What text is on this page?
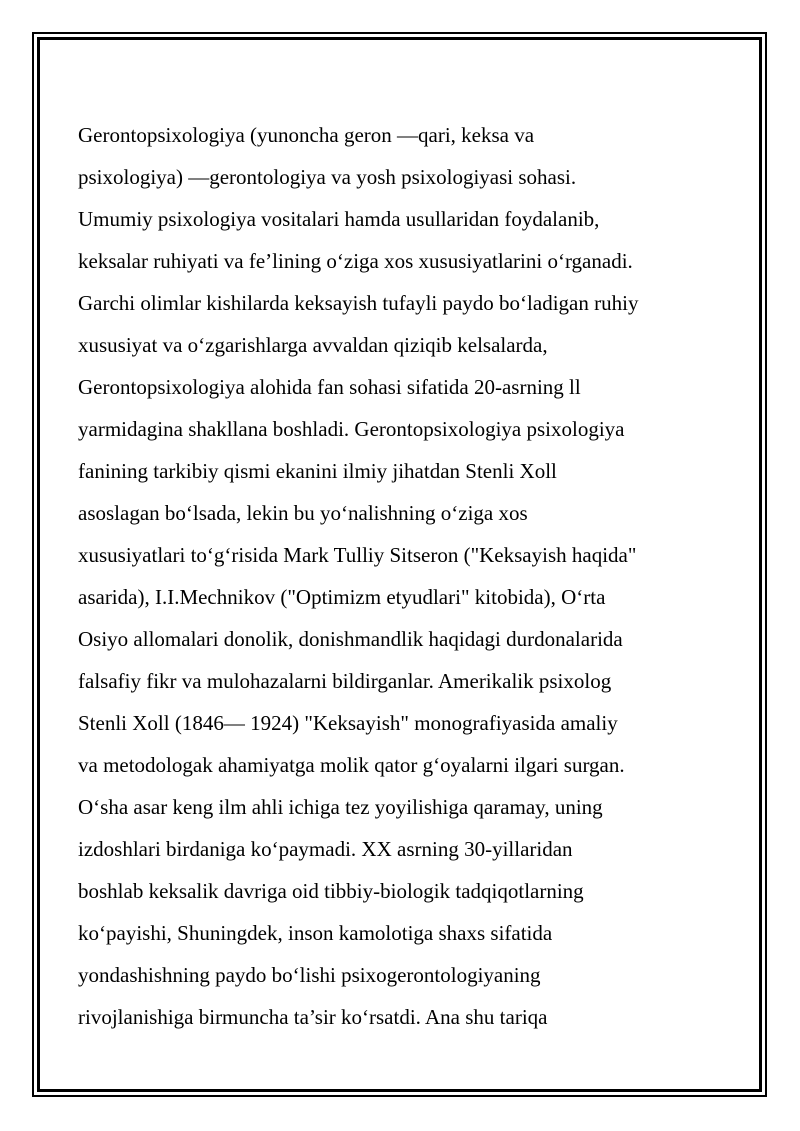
Gerontopsixologiya (yunoncha geron —qari, keksa va
psixologiya) —gerontologiya va yosh psixologiyasi sohasi.
Umumiy psixologiya vositalari hamda usullaridan foydalanib,
keksalar ruhiyati va fe’lining o‘ziga xos xususiyatlarini o‘rganadi.
Garchi olimlar kishilarda keksayish tufayli paydo bo‘ladigan ruhiy
xususiyat va o‘zgarishlarga avvaldan qiziqib kelsalarda,
Gerontopsixologiya alohida fan sohasi sifatida 20-asrning ll
yarmidagina shakllana boshladi. Gerontopsixologiya psixologiya
fanining tarkibiy qismi ekanini ilmiy jihatdan Stenli Xoll
asoslagan bo‘lsada, lekin bu yo‘nalishning o‘ziga xos
xususiyatlari to‘g‘risida Mark Tulliy Sitseron ("Keksayish haqida"
asarida), I.I.Mechnikov ("Optimizm etyudlari" kitobida), O‘rta
Osiyo allomalari donolik, donishmandlik haqidagi durdonalarida
falsafiy fikr va mulohazalarni bildirganlar. Amerikalik psixolog
Stenli Xoll (1846— 1924) "Keksayish" monografiyasida amaliy
va metodologak ahamiyatga molik qator g‘oyalarni ilgari surgan.
O‘sha asar keng ilm ahli ichiga tez yoyilishiga qaramay, uning
izdoshlari birdaniga ko‘paymadi. XX asrning 30-yillaridan
boshlab keksalik davriga oid tibbiy-biologik tadqiqotlarning
ko‘payishi, Shuningdek, inson kamolotiga shaxs sifatida
yondashishning paydo bo‘lishi psixogerontologiyaning
rivojlanishiga birmuncha ta’sir ko‘rsatdi. Ana shu tariqa
